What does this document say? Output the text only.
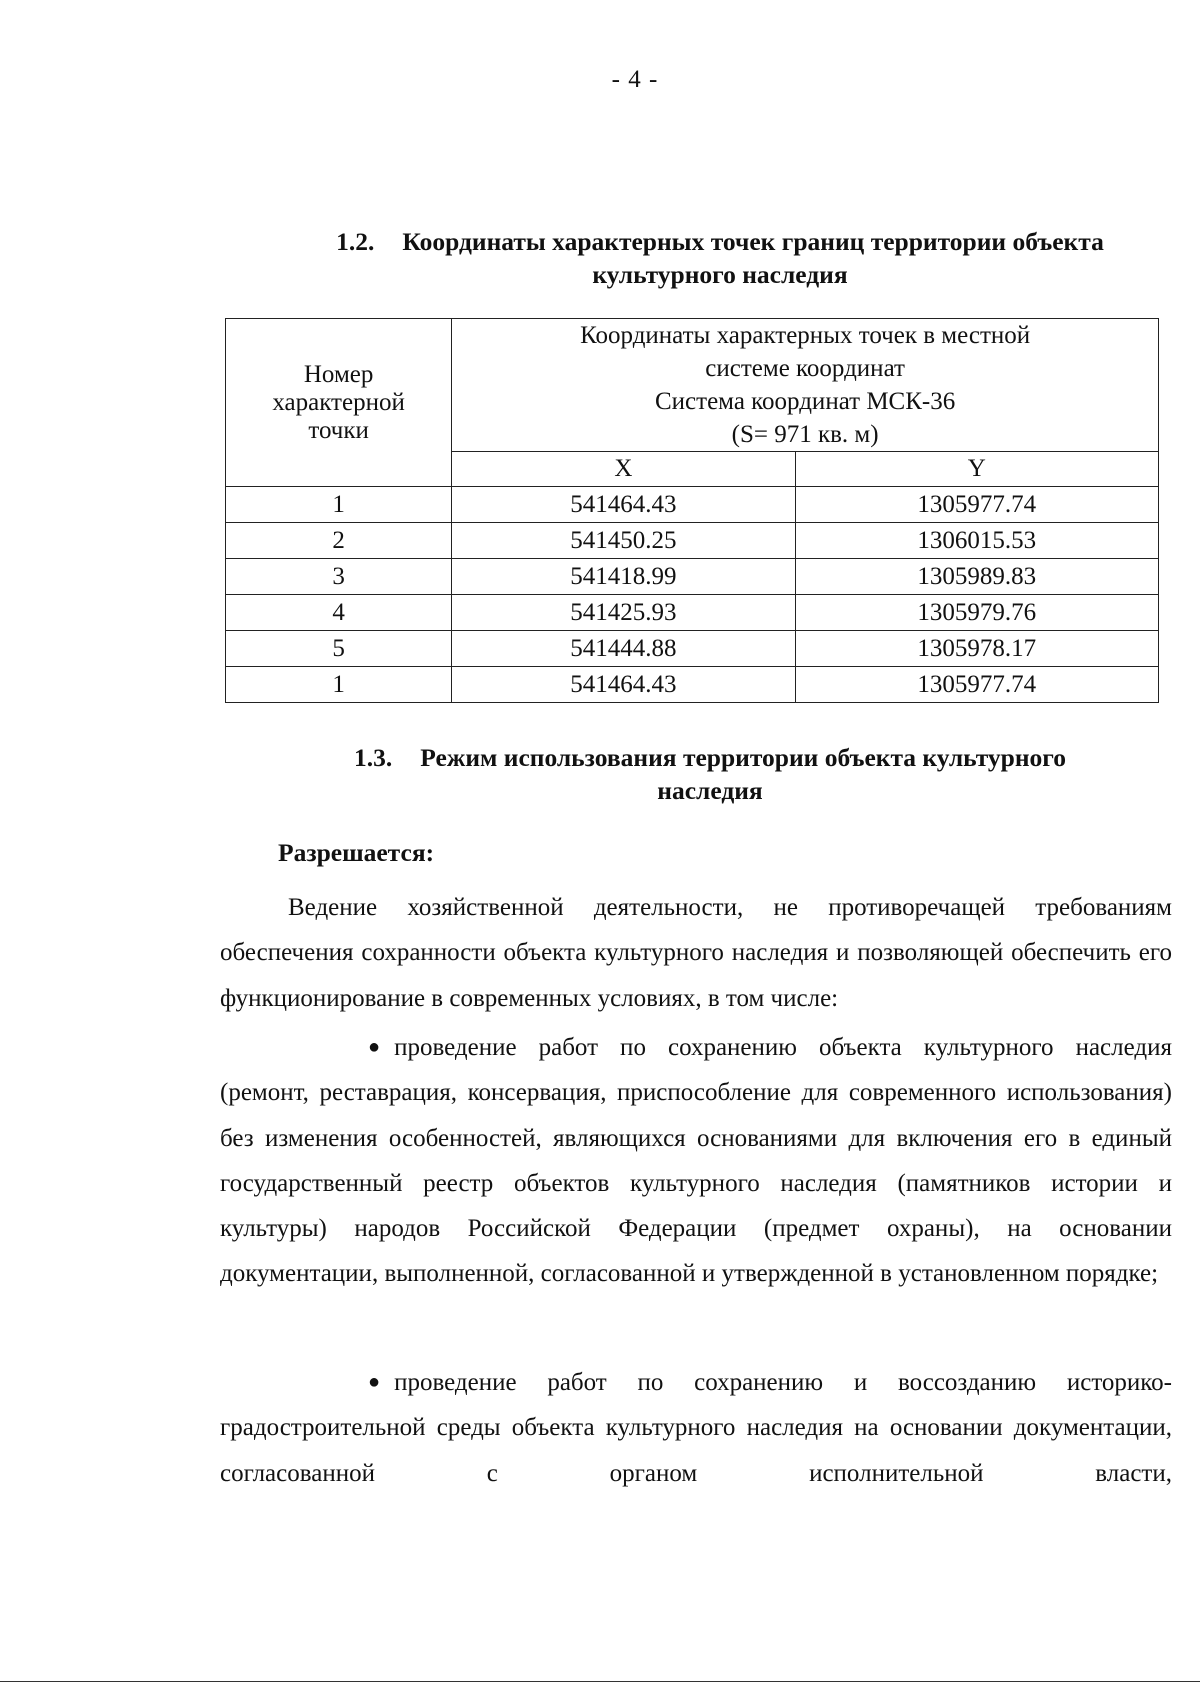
- 4 -
1.2. Координаты характерных точек границ территории объекта
культурного наследия
Номер
характерной
точки	Координаты характерных точек в местной
системе координат
Система координат МСК-36
(S= 971 кв. м)	

	X	Y
1	541464.43	1305977.74
2	541450.25	1306015.53
3	541418.99	1305989.83
4	541425.93	1305979.76
5	541444.88	1305978.17
1	541464.43	1305977.74
1.3. Режим использования территории объекта культурного
наследия
Разрешается:
Ведение хозяйственной деятельности, не противоречащей требованиям обеспечения сохранности объекта культурного наследия и позволяющей обеспечить его функционирование в современных условиях, в том числе:
● проведение работ по сохранению объекта культурного наследия (ремонт, реставрация, консервация, приспособление для современного использования) без изменения особенностей, являющихся основаниями для включения его в единый государственный реестр объектов культурного наследия (памятников истории и культуры) народов Российской Федерации (предмет охраны), на основании документации, выполненной, согласованной и утвержденной в установленном порядке;
● проведение работ по сохранению и воссозданию историко-градостроительной среды объекта культурного наследия на основании документации, согласованной с органом исполнительной власти,
